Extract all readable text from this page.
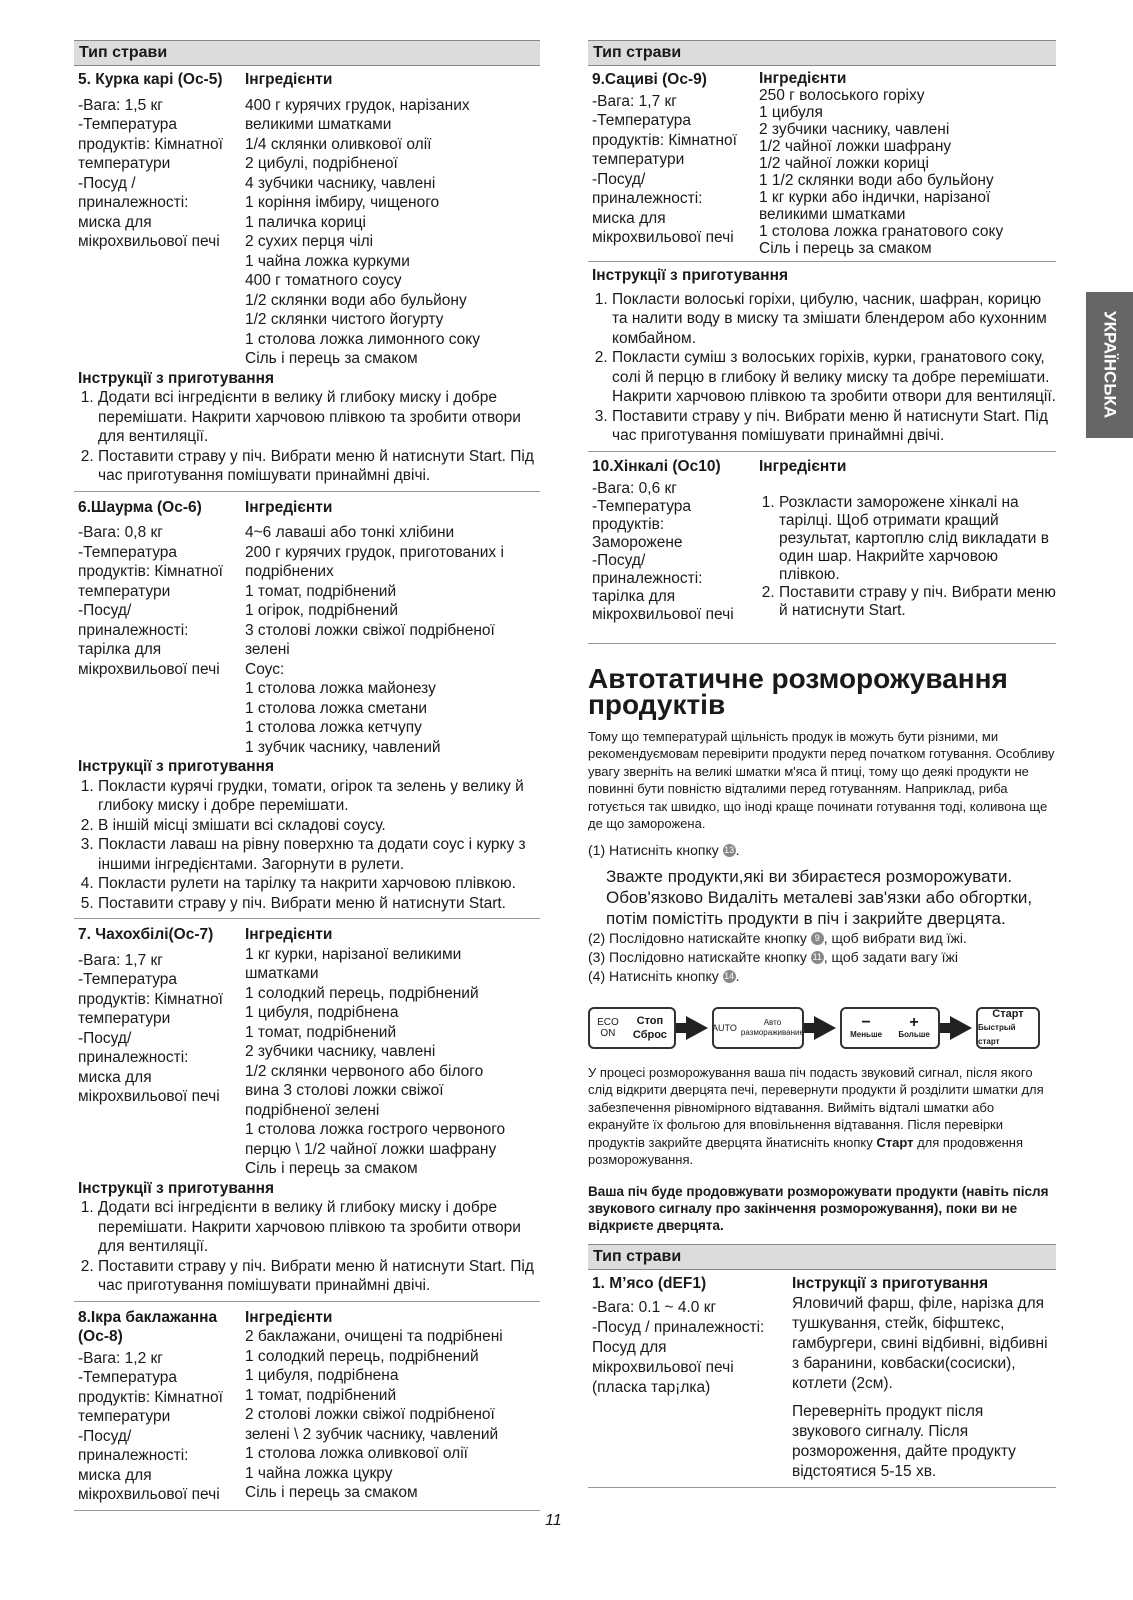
УКРАЇНСЬКА
Тип страви
5. Курка карі (Ос-5)
-Вага: 1,5 кг
-Температура
продуктів: Кімнатної
температури
-Посуд /
приналежності:
миска для
мікрохвильової печі
Інгредієнти
400 г курячих грудок, нарізаних
великими шматками
1/4 склянки оливкової олії
2 цибулі, подрібненої
4 зубчики часнику, чавлені
1 коріння імбиру, чищеного
1 паличка кориці
2 сухих перця чілі
1 чайна ложка куркуми
400 г томатного соусу
1/2 склянки води або бульйону
1/2 склянки чистого йогурту
1 столова ложка лимонного соку
Сіль і перець за смаком
Інструкції з приготування
1. Додати всі інгредієнти в велику й глибоку миску і добре перемішати. Накрити харчовою плівкою та зробити отвори для вентиляції.
2. Поставити страву у піч. Вибрати меню й натиснути Start. Під час приготування помішувати принаймні двічі.
6.Шаурма (Ос-6)
-Вага: 0,8 кг
-Температура
продуктів: Кімнатної
температури
-Посуд/
приналежності:
тарілка для
мікрохвильової печі
Інгредієнти
4~6 лаваші або тонкі хлібини
200 г курячих грудок, приготованих і
подрібнених
1 томат, подрібнений
1 огірок, подрібнений
3 столові ложки свіжої подрібненої
зелені
Соус:
1 столова ложка майонезу
1 столова ложка сметани
1 столова ложка кетчупу
1 зубчик часнику, чавлений
Інструкції з приготування
1. Покласти курячі грудки, томати, огірок та зелень у велику й глибоку миску і добре перемішати.
2. В іншій місці змішати всі складові соусу.
3. Покласти лаваш на рівну поверхню та додати соус і курку з іншими інгредієнтами. Загорнути в рулети.
4. Покласти рулети на тарілку та накрити харчовою плівкою.
5. Поставити страву у піч. Вибрати меню й натиснути Start.
7. Чахохбілі(Ос-7)
-Вага: 1,7 кг
-Температура
продуктів: Кімнатної
температури
-Посуд/
приналежності:
миска для
мікрохвильової печі
Інгредієнти
1 кг курки, нарізаної великими
шматками
1 солодкий перець, подрібнений
1 цибуля, подрібнена
1 томат, подрібнений
2 зубчики часнику, чавлені
1/2 склянки червоного або білого
вина 3 столові ложки свіжої
подрібненої зелені
1 столова ложка гострого червоного
перцю \ 1/2 чайної ложки шафрану
Сіль і перець за смаком
Інструкції з приготування
1. Додати всі інгредієнти в велику й глибоку миску і добре перемішати. Накрити харчовою плівкою та зробити отвори для вентиляції.
2. Поставити страву у піч. Вибрати меню й натиснути Start. Під час приготування помішувати принаймні двічі.
8.Ікра баклажанна
(Ос-8)
-Вага: 1,2 кг
-Температура
продуктів: Кімнатної
температури
-Посуд/
приналежності:
миска для
мікрохвильової печі
Інгредієнти
2 баклажани, очищені та подрібнені
1 солодкий перець, подрібнений
1 цибуля, подрібнена
1 томат, подрібнений
2 столові ложки свіжої подрібненої
зелені \ 2 зубчик часнику, чавлений
1 столова ложка оливкової олії
1 чайна ложка цукру
Сіль і перець за смаком
Тип страви
9.Сациві (Ос-9)
-Вага: 1,7 кг
-Температура
продуктів: Кімнатної
температури
-Посуд/
приналежності:
миска для
мікрохвильової печі
Інгредієнти
250 г волоського горіху
1 цибуля
2 зубчики часнику, чавлені
1/2 чайної ложки шафрану
1/2 чайної ложки кориці
1 1/2 склянки води або бульйону
1 кг курки або індички, нарізаної
великими шматками
1 столова ложка гранатового соку
Сіль і перець за смаком
Інструкції з приготування
1. Покласти волоські горіхи, цибулю, часник, шафран, корицю та налити воду в миску та змішати блендером або кухонним комбайном.
2. Покласти суміш з волоських горіхів, курки, гранатового соку, солі й перцю в глибоку й велику миску та добре перемішати. Накрити харчовою плівкою та зробити отвори для вентиляції.
3. Поставити страву у піч. Вибрати меню й натиснути Start. Під час приготування помішувати принаймні двічі.
10.Хінкалі (Ос10)
-Вага: 0,6 кг
-Температура
продуктів:
Заморожене
-Посуд/
приналежності:
тарілка для
мікрохвильової печі
Інгредієнти

1. Розкласти заморожене хінкалі на тарілці. Щоб отримати кращий результат, картоплю слід викладати в один шар. Накрийте харчовою плівкою.
2. Поставити страву у піч. Вибрати меню й натиснути Start.

Автотатичне розморожування продуктів
Тому що температурай щільність продук ів можуть бути різними, ми рекомендуємовам перевірити продукти перед початком готування. Особливу увагу зверніть на великі шматки м'яса й птиці, тому що деякі продукти не повинні бути повністю відталими перед готуванням. Наприклад, риба готується так швидко, що іноді краще починати готування тоді, коливона ще де що заморожена.
(1) Натисніть кнопку 13 .
Зважте продукти,які ви збираєтеся розморожувати. Обов'язково Видаліть металеві зав'язки або обгортки, потім помістіть продукти в піч і закрийте дверцята.
(2) Послідовно натискайте кнопку 9 , щоб вибрати вид їжі.
(3) Послідовно натискайте кнопку 11 , щоб задати вагу їжі
(4) Натисніть кнопку 14 .
ECO
ON
Стоп
Сброс
AUTO
Авто
размораживание
−
Меньше
+
Больше
Старт
Быстрый старт
У процесі розморожування ваша піч подасть звуковий сигнал, після якого слід відкрити дверцята печі, перевернути продукти й розділити шматки для забезпечення рівномірного відтавання. Вийміть відталі шматки або екрануйте їх фольгою для вповільнення відтавання. Після перевірки продуктів закрийте дверцята йнатисніть кнопку Старт для продовження розморожування.
Ваша піч буде продовжувати розморожувати продукти (навіть після звукового сигналу про закінчення розморожування), поки ви не відкриєте дверцята.
Тип страви
1. М’ясо (dEF1)
-Вага: 0.1 ~ 4.0 кг
-Посуд / приналежності:
Посуд для
мікрохвильової печі
(пласка тар¡лка)
Інструкції з приготування
Яловичий фарш, філе, нарізка для тушкування, стейк, біфштекс, гамбургери, свині відбивні, відбивні з баранини, ковбаски(сосиски), котлети (2см).
Переверніть продукт після звукового сигналу. Після розмороження, дайте продукту відстоятися 5-15 хв.
11
